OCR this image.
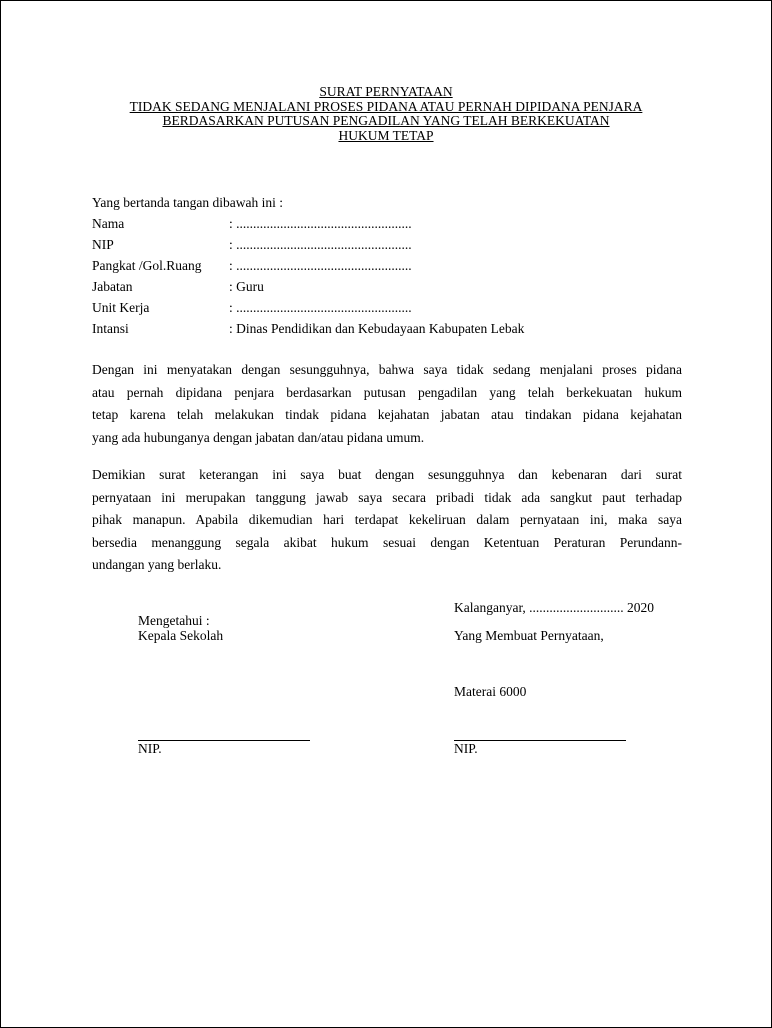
SURAT PERNYATAAN
TIDAK SEDANG MENJALANI PROSES PIDANA ATAU PERNAH DIPIDANA PENJARA
BERDASARKAN PUTUSAN PENGADILAN YANG TELAH BERKEKUATAN
HUKUM TETAP
Yang bertanda tangan dibawah ini :
Nama	: ....................................................
NIP	: ....................................................
Pangkat /Gol.Ruang : ....................................................
Jabatan	: Guru
Unit Kerja	: ....................................................
Intansi	: Dinas Pendidikan dan Kebudayaan Kabupaten Lebak
Dengan ini menyatakan dengan sesungguhnya, bahwa saya tidak sedang menjalani proses pidana
atau pernah dipidana penjara berdasarkan putusan pengadilan yang telah berkekuatan hukum
tetap karena telah melakukan tindak pidana kejahatan jabatan atau tindakan pidana kejahatan
yang ada hubunganya dengan jabatan dan/atau pidana umum.
Demikian surat keterangan ini saya buat dengan sesungguhnya dan kebenaran dari surat
pernyataan ini merupakan tanggung jawab saya secara pribadi tidak ada sangkut paut terhadap
pihak manapun. Apabila dikemudian hari terdapat kekeliruan dalam pernyataan ini, maka saya
bersedia menanggung segala akibat hukum sesuai dengan Ketentuan Peraturan Perundann-
undangan yang berlaku.
Kalanganyar, ............................ 2020
Mengetahui :
Kepala Sekolah	Yang Membuat Pernyataan,
Materai 6000
NIP.	NIP.
